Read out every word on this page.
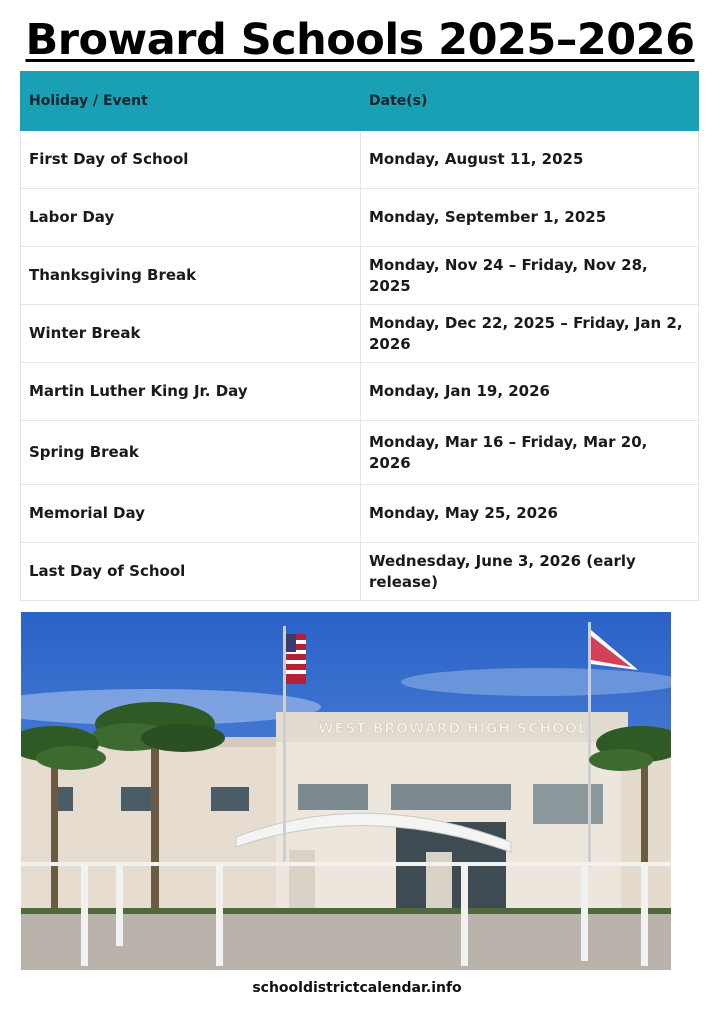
Broward Schools 2025–2026
Holiday / Event	Date(s)
First Day of School	Monday, August 11, 2025
Labor Day	Monday, September 1, 2025
Thanksgiving Break	Monday, Nov 24 – Friday, Nov 28, 2025
Winter Break	Monday, Dec 22, 2025 – Friday, Jan 2, 2026
Martin Luther King Jr. Day	Monday, Jan 19, 2026
Spring Break	Monday, Mar 16 – Friday, Mar 20, 2026
Memorial Day	Monday, May 25, 2026
Last Day of School	Wednesday, June 3, 2026 (early release)
WEST BROWARD HIGH SCHOOL
schooldistrictcalendar.info
